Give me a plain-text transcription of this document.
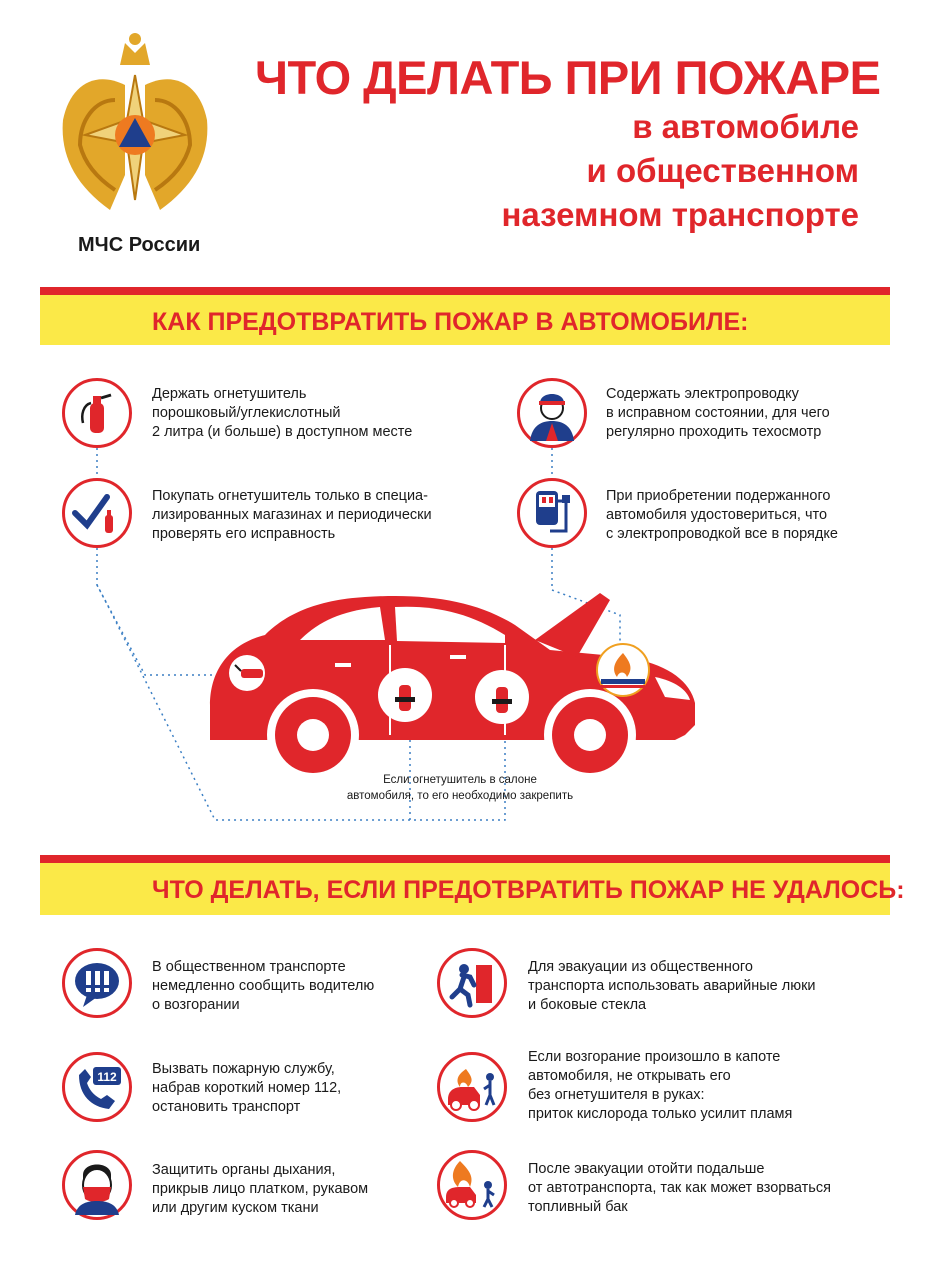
МЧС России
ЧТО ДЕЛАТЬ ПРИ ПОЖАРЕ
в автомобиле
и общественном
наземном транспорте
КАК ПРЕДОТВРАТИТЬ ПОЖАР В АВТОМОБИЛЕ:
Держать огнетушитель
порошковый/углекислотный
2 литра (и больше) в доступном месте
Содержать электропроводку
в исправном состоянии, для чего
регулярно проходить техосмотр
Покупать огнетушитель только в специа-
лизированных магазинах и периодически
проверять его исправность
При приобретении подержанного
автомобиля удостовериться, что
с электропроводкой все в порядке
Если огнетушитель в салоне
автомобиля, то его необходимо закрепить
ЧТО ДЕЛАТЬ, ЕСЛИ ПРЕДОТВРАТИТЬ ПОЖАР НЕ УДАЛОСЬ:
В общественном транспорте
немедленно сообщить водителю
о возгорании
Для эвакуации из общественного
транспорта использовать аварийные люки
и боковые стекла
112 Вызвать пожарную службу,
набрав короткий номер 112,
остановить транспорт
Если возгорание произошло в капоте
автомобиля, не открывать его
без огнетушителя в руках:
приток кислорода только усилит пламя
Защитить органы дыхания,
прикрыв лицо платком, рукавом
или другим куском ткани
После эвакуации отойти подальше
от автотранспорта, так как может взорваться
топливный бак
